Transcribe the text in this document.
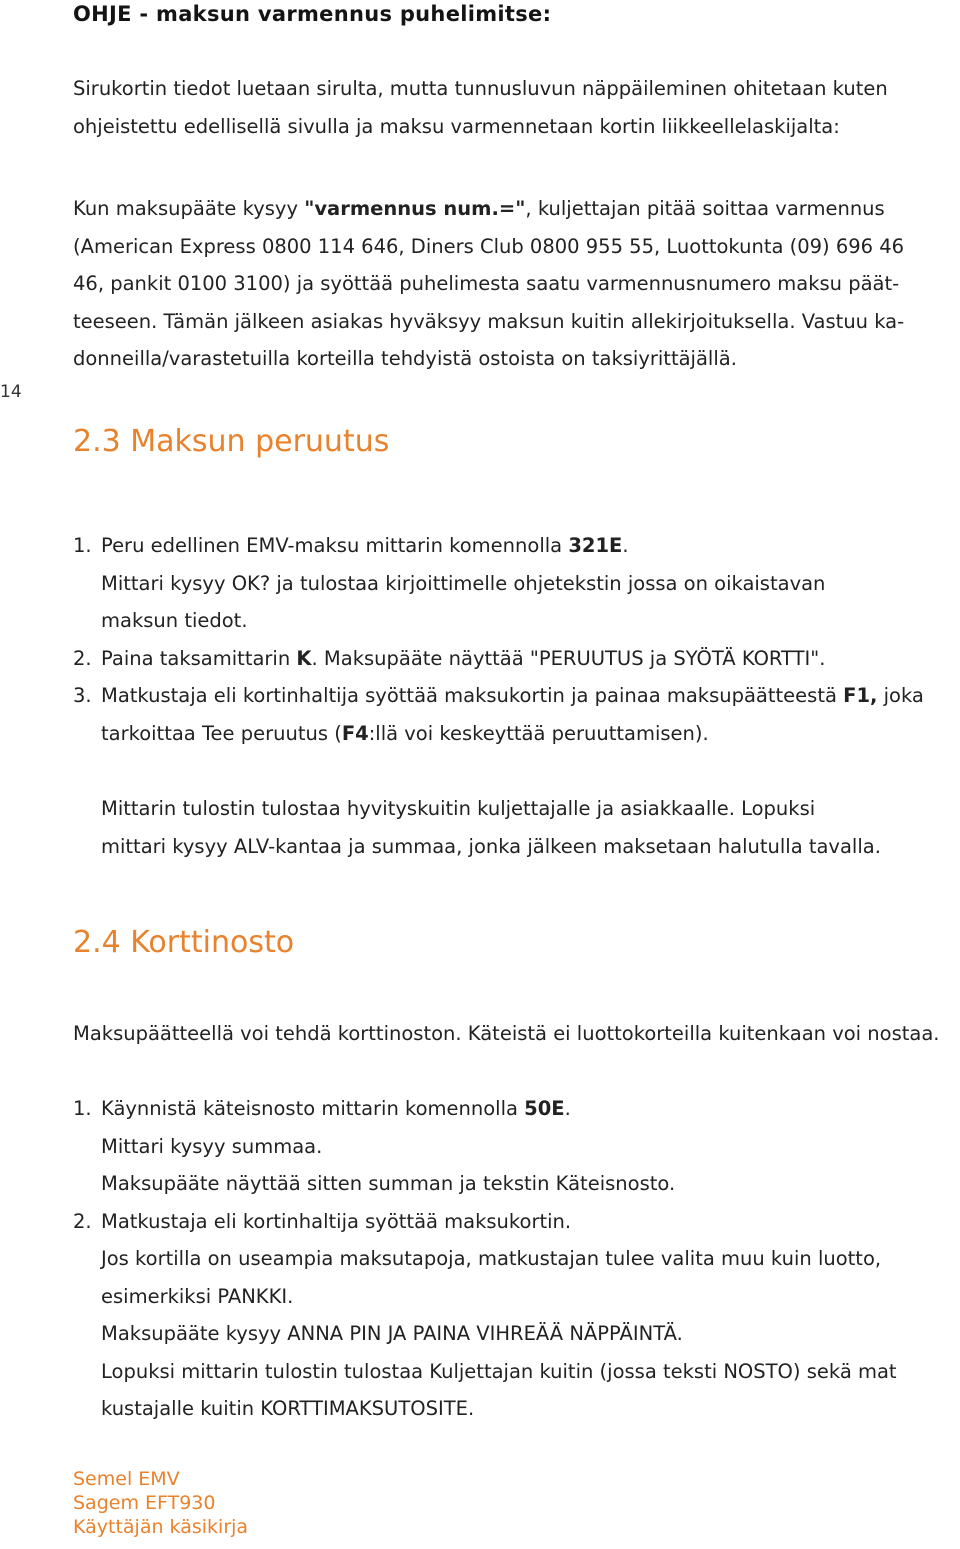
OHJE - maksun varmennus puhelimitse:
Sirukortin tiedot luetaan sirulta, mutta tunnusluvun näppäileminen ohitetaan kuten
ohjeistettu edellisellä sivulla ja maksu varmennetaan kortin liikkeellelaskijalta:
Kun maksupääte kysyy "varmennus num.=", kuljettajan pitää soittaa varmennus
(American Express 0800 114 646, Diners Club 0800 955 55, Luottokunta (09) 696 46
46, pankit 0100 3100) ja syöttää puhelimesta saatu varmennusnumero maksu päät-
teeseen. Tämän jälkeen asiakas hyväksyy maksun kuitin allekirjoituksella. Vastuu ka-
donneilla/varastetuilla korteilla tehdyistä ostoista on taksiyrittäjällä.
14
2.3 Maksun peruutus
1. Peru edellinen EMV-maksu mittarin komennolla 321E.
Mittari kysyy OK? ja tulostaa kirjoittimelle ohjetekstin jossa on oikaistavan
maksun tiedot.
2. Paina taksamittarin K. Maksupääte näyttää "PERUUTUS ja SYÖTÄ KORTTI".
3. Matkustaja eli kortinhaltija syöttää maksukortin ja painaa maksupäätteestä F1, joka
tarkoittaa Tee peruutus (F4:llä voi keskeyttää peruuttamisen).
Mittarin tulostin tulostaa hyvityskuitin kuljettajalle ja asiakkaalle. Lopuksi
mittari kysyy ALV-kantaa ja summaa, jonka jälkeen maksetaan halutulla tavalla.
2.4 Korttinosto
Maksupäätteellä voi tehdä korttinoston. Käteistä ei luottokorteilla kuitenkaan voi nostaa.
1. Käynnistä käteisnosto mittarin komennolla 50E.
Mittari kysyy summaa.
Maksupääte näyttää sitten summan ja tekstin Käteisnosto.
2. Matkustaja eli kortinhaltija syöttää maksukortin.
Jos kortilla on useampia maksutapoja, matkustajan tulee valita muu kuin luotto,
esimerkiksi PANKKI.
Maksupääte kysyy ANNA PIN JA PAINA VIHREÄÄ NÄPPÄINTÄ.
Lopuksi mittarin tulostin tulostaa Kuljettajan kuitin (jossa teksti NOSTO) sekä mat
kustajalle kuitin KORTTIMAKSUTOSITE.
Semel EMV
Sagem EFT930
Käyttäjän käsikirja
